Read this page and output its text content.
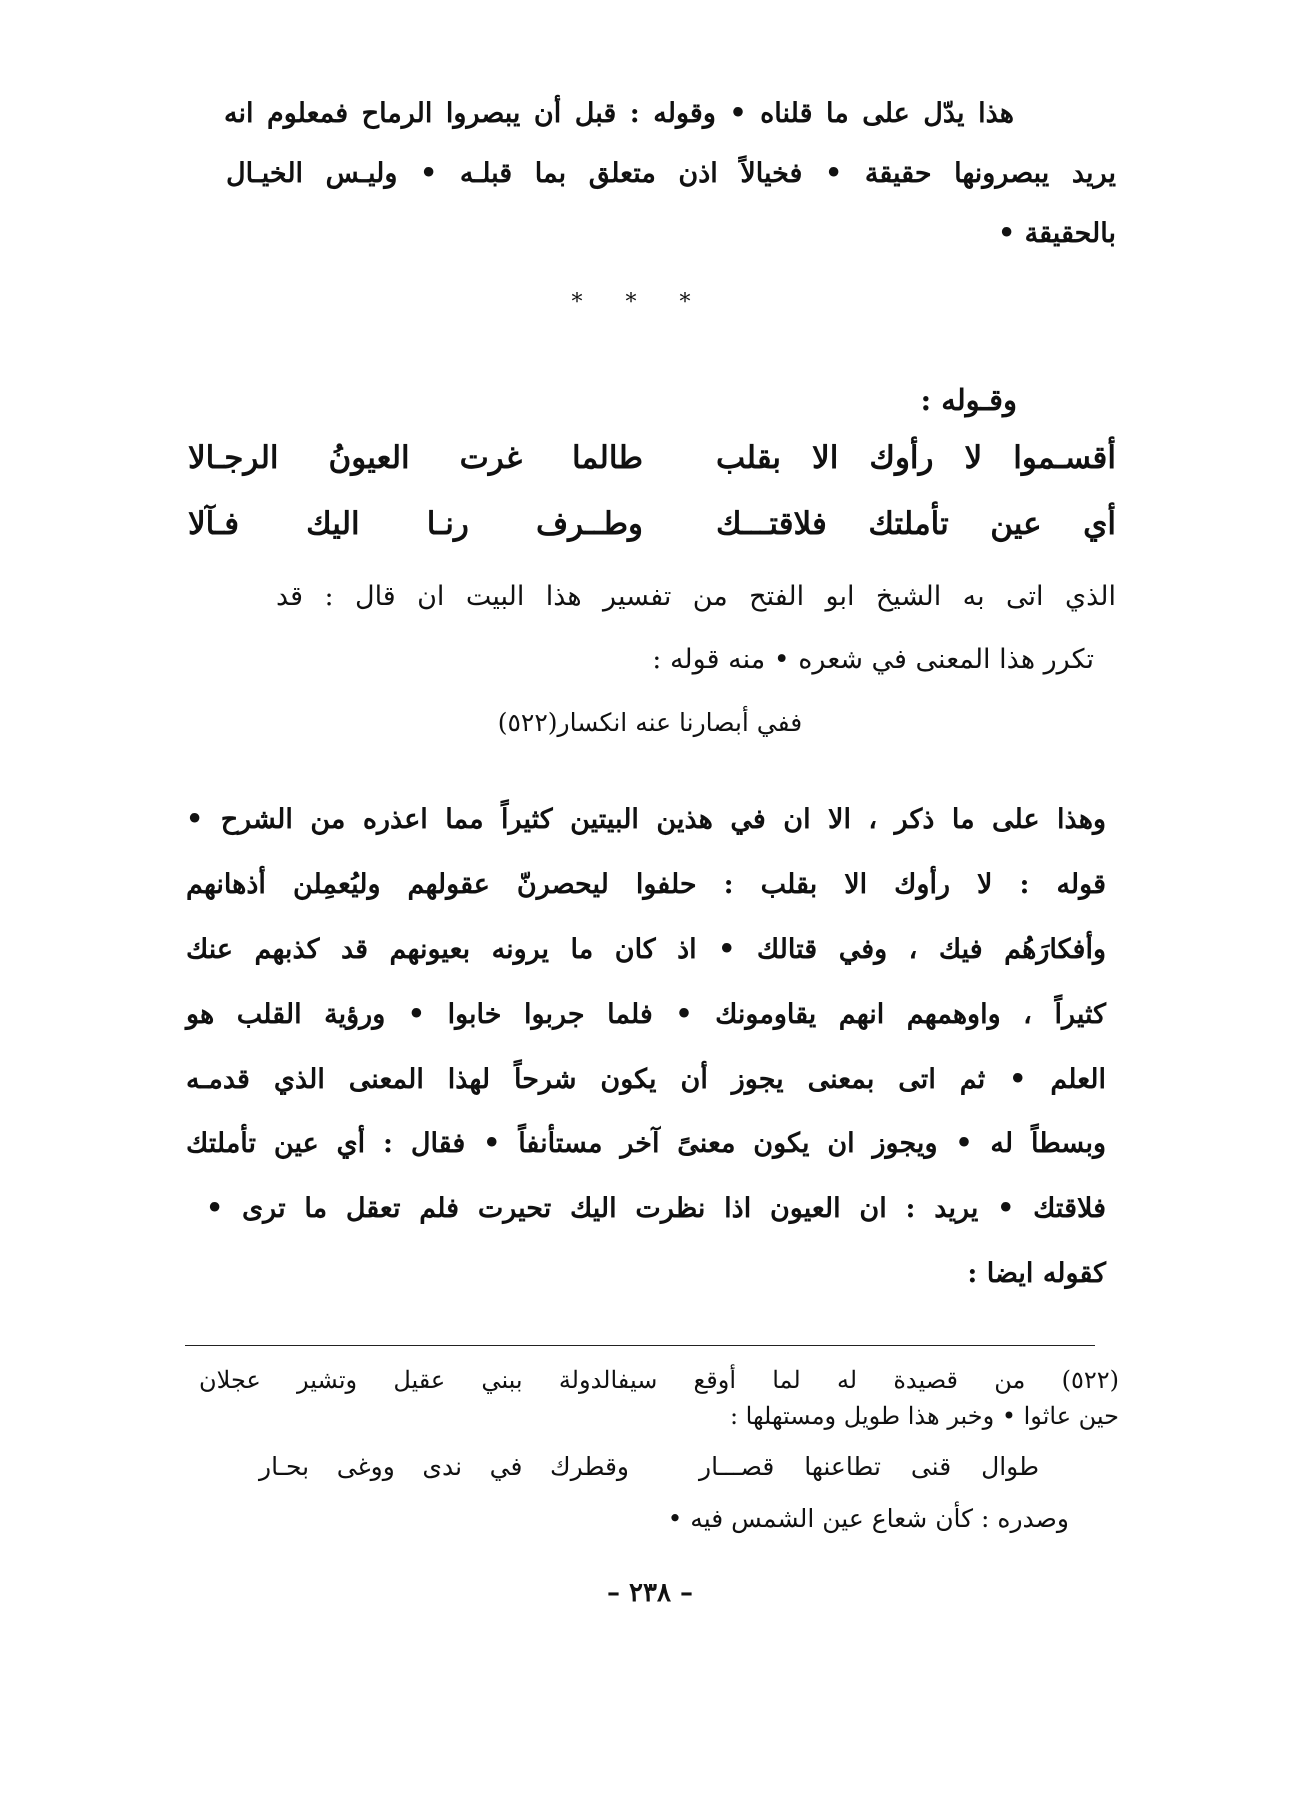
هذا يدّل على ما قلناه • وقوله : قبل أن يبصروا الرماح فمعلوم انه
يريد يبصرونها حقيقة • فخيالاً اذن متعلق بما قبلـه • وليـس الخيـال
بالحقيقة •
* * *
وقـوله :
أقسـموا لا رأوك الا بقلب
طالما غرت العيونُ الرجـالا
أي عين تأملتك فلاقتـــك
وطــرف رنـا اليك فـآلا
الذي اتى به الشيخ ابو الفتح من تفسير هذا البيت ان قال : قد
تكرر هذا المعنى في شعره • منه قوله :
ففي أبصارنا عنه انكسار(٥٢٢)
وهذا على ما ذكر ، الا ان في هذين البيتين كثيراً مما اعذره من الشرح •
قوله : لا رأوك الا بقلب : حلفوا ليحصرنّ عقولهم وليُعمِلن أذهانهم
وأفكارَهُم فيك ، وفي قتالك • اذ كان ما يرونه بعيونهم قد كذبهم عنك
كثيراً ، واوهمهم انهم يقاومونك • فلما جربوا خابوا • ورؤية القلب هو
العلم • ثم اتى بمعنى يجوز أن يكون شرحاً لهذا المعنى الذي قدمـه
وبسطاً له • ويجوز ان يكون معنىً آخر مستأنفاً • فقال : أي عين تأملتك
فلاقتك • يريد : ان العيون اذا نظرت اليك تحيرت فلم تعقل ما ترى •
كقوله ايضا :
(٥٢٢) من قصيدة له لما أوقع سيفالدولة ببني عقيل وتشير عجلان
حين عاثوا • وخبر هذا طويل ومستهلها :
طوال قنى تطاعنها قصـــار
وقطرك في ندى ووغى بحـار
وصدره : كأن شعاع عين الشمس فيه •
– ٢٣٨ –
